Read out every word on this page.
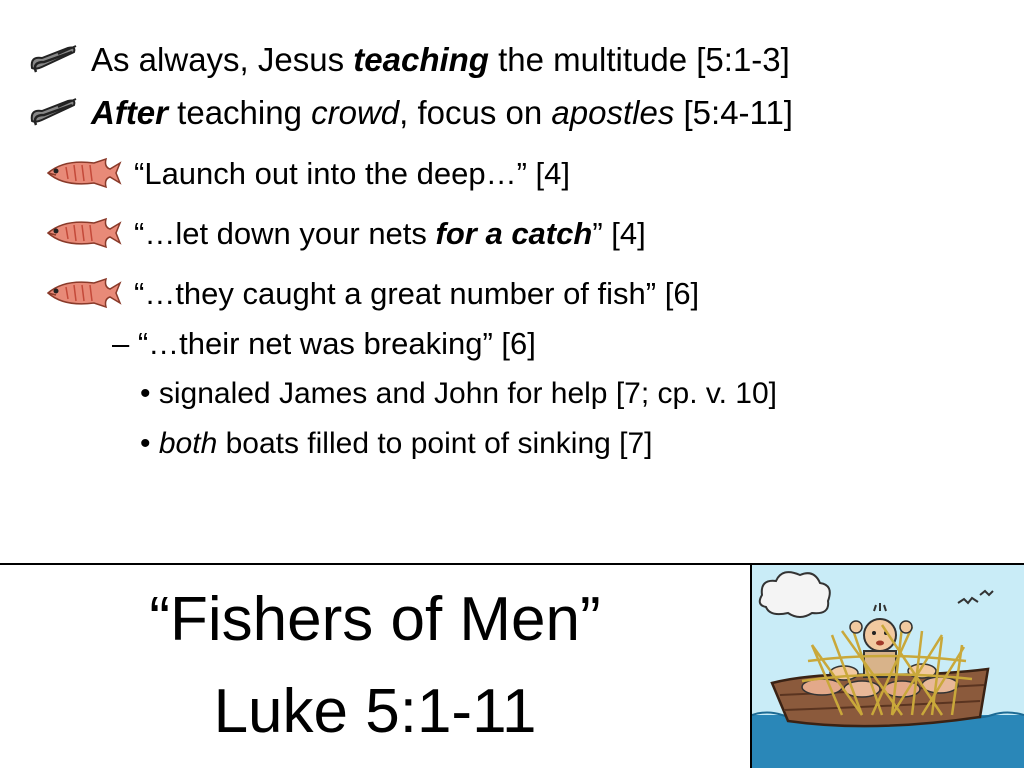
As always, Jesus teaching the multitude [5:1-3]
After teaching crowd, focus on apostles [5:4-11]
“Launch out into the deep…” [4]
“…let down your nets for a catch” [4]
“…they caught a great number of fish” [6]
– “…their net was breaking” [6]
• signaled James and John for help [7; cp. v. 10]
• both boats filled to point of sinking [7]
“Fishers of Men”
Luke 5:1-11
